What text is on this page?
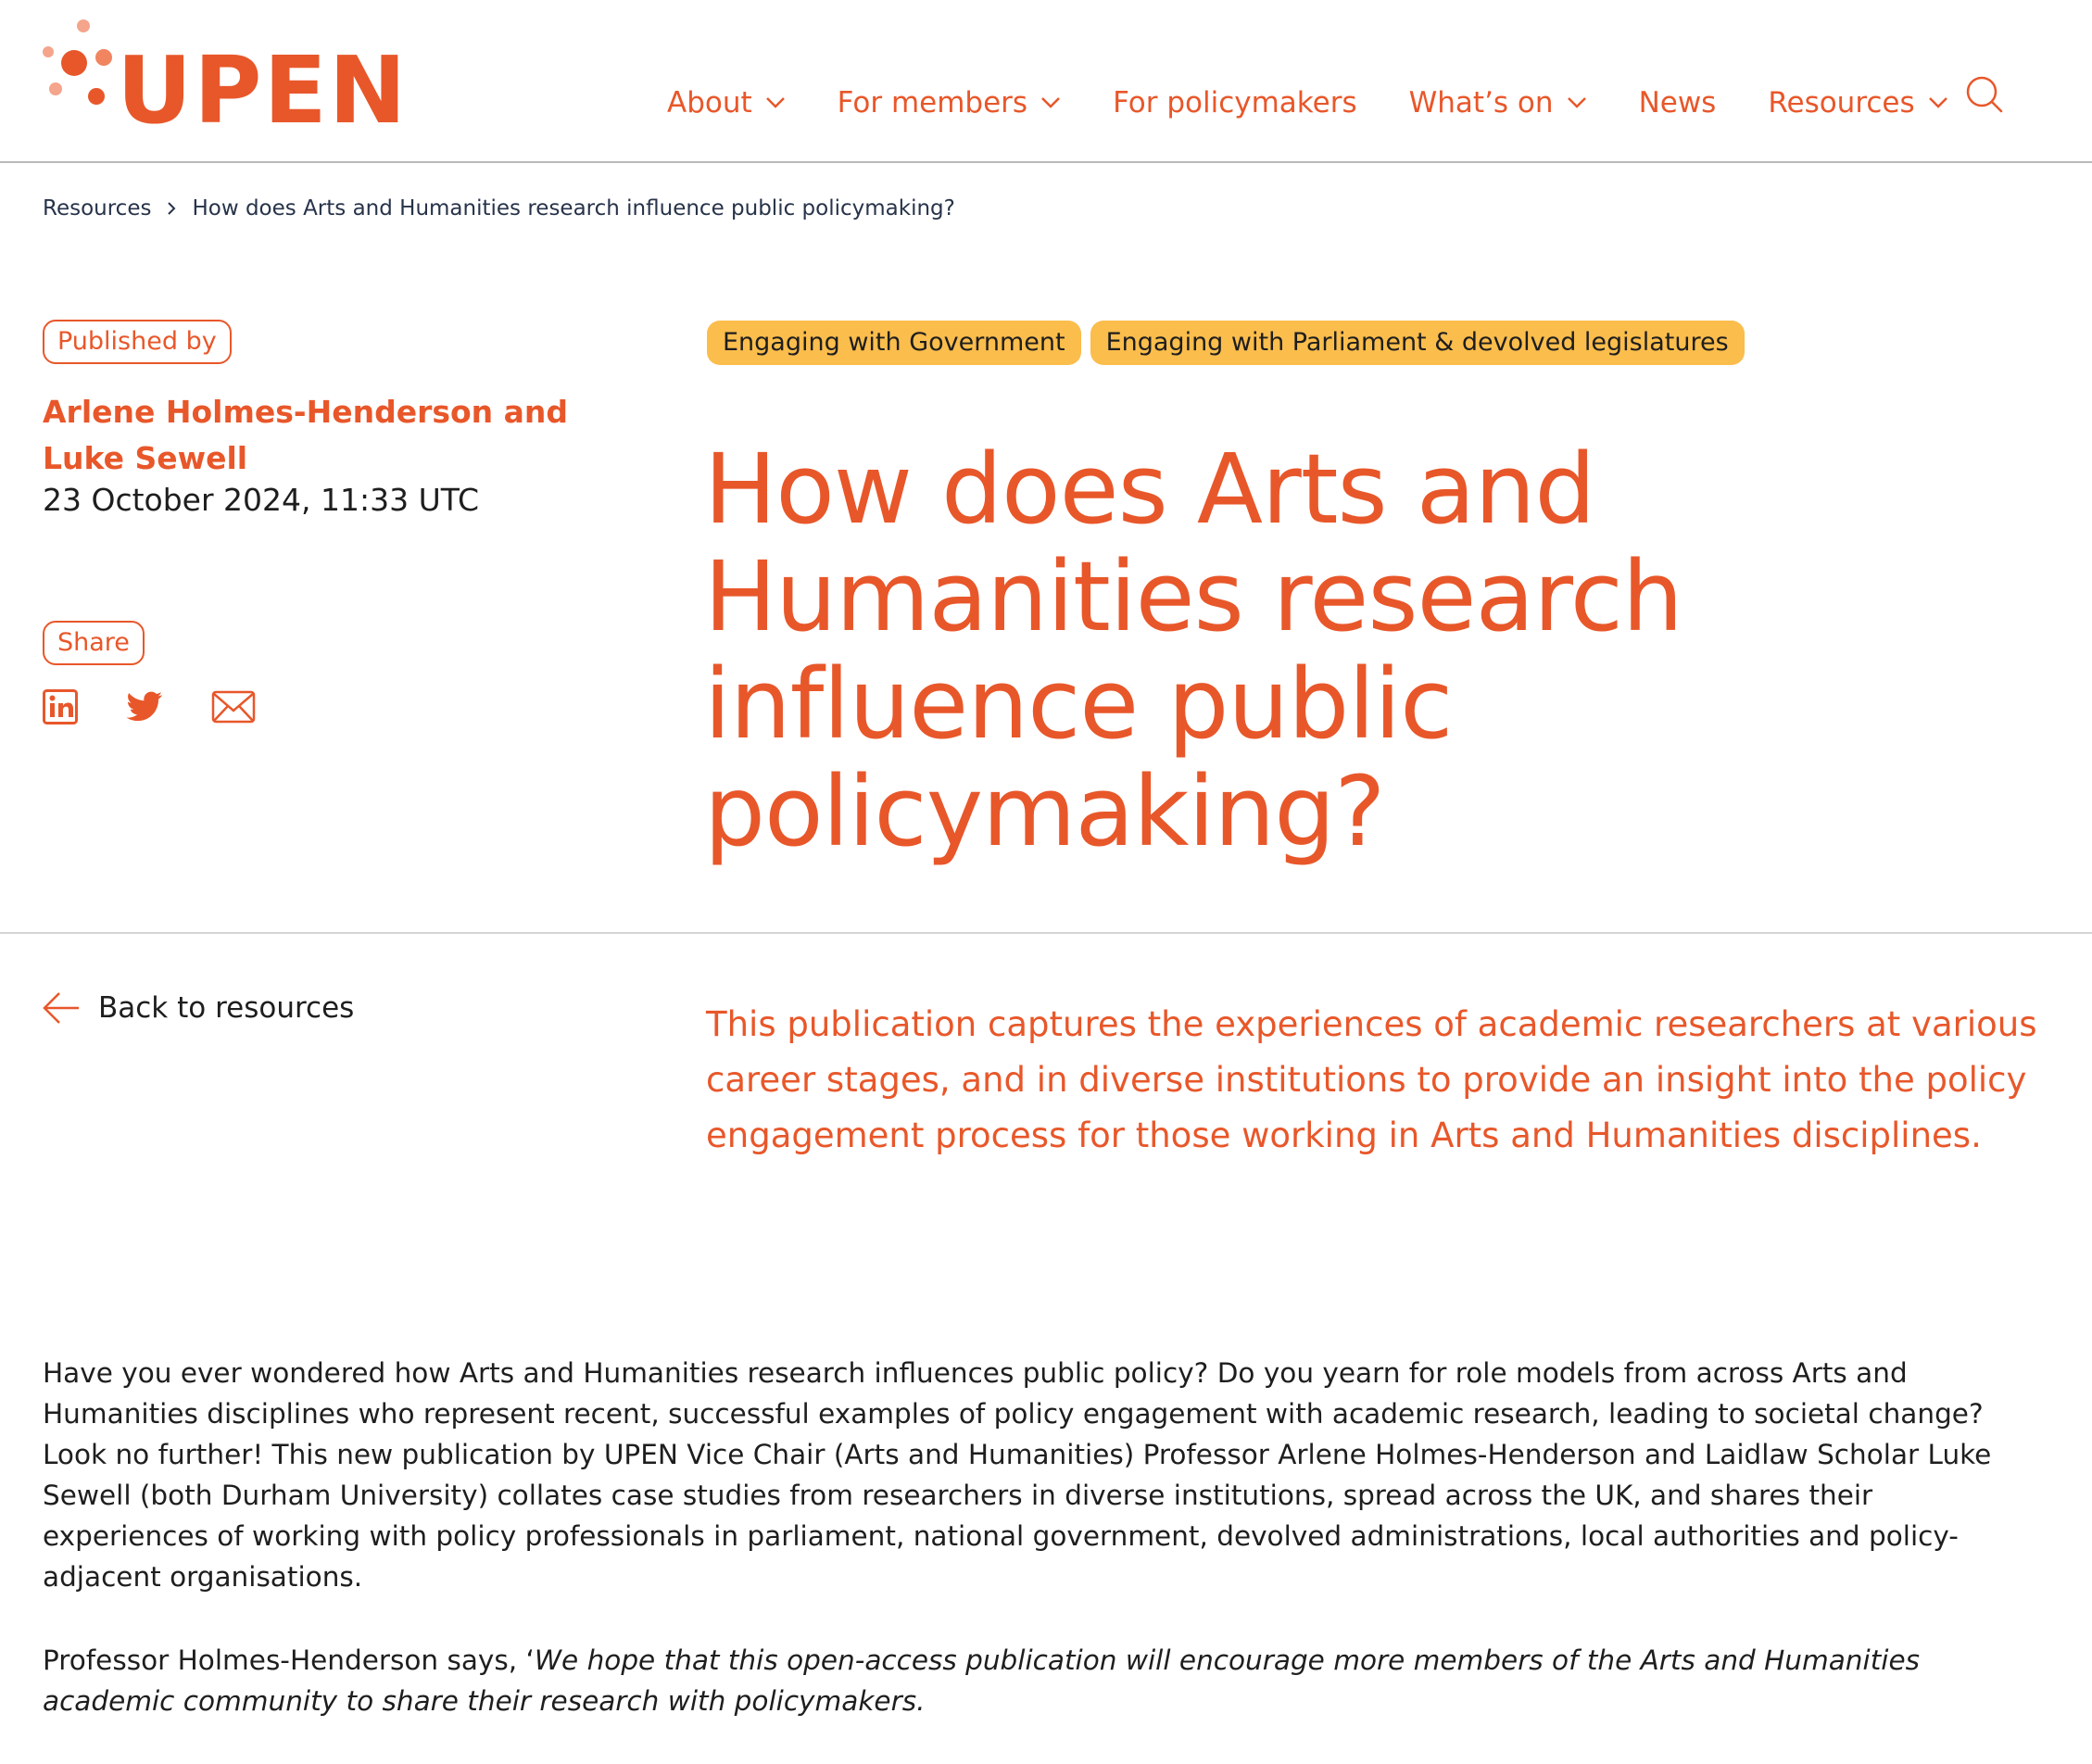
UPEN	About	For members	For policymakers What’s on	News Resources
Resources How does Arts and Humanities research influence public policymaking?
Published by
Arlene Holmes-Henderson and Luke Sewell
23 October 2024, 11:33 UTC
Share
Engaging with Government	Engaging with Parliament & devolved legislatures
How does Arts and Humanities research influence public policymaking?
Back to resources	This publication captures the experiences of academic researchers at various career stages, and in diverse institutions to provide an insight into the policy engagement process for those working in Arts and Humanities disciplines.

Have you ever wondered how Arts and Humanities research influences public policy? Do you yearn for role models from across Arts and Humanities disciplines who represent recent, successful examples of policy engagement with academic research, leading to societal change? Look no further! This new publication by UPEN Vice Chair (Arts and Humanities) Professor Arlene Holmes-Henderson and Laidlaw Scholar Luke Sewell (both Durham University) collates case studies from researchers in diverse institutions, spread across the UK, and shares their experiences of working with policy professionals in parliament, national government, devolved administrations, local authorities and policy-adjacent organisations.

Professor Holmes-Henderson says, ‘We hope that this open-access publication will encourage more members of the Arts and Humanities academic community to share their research with policymakers.
